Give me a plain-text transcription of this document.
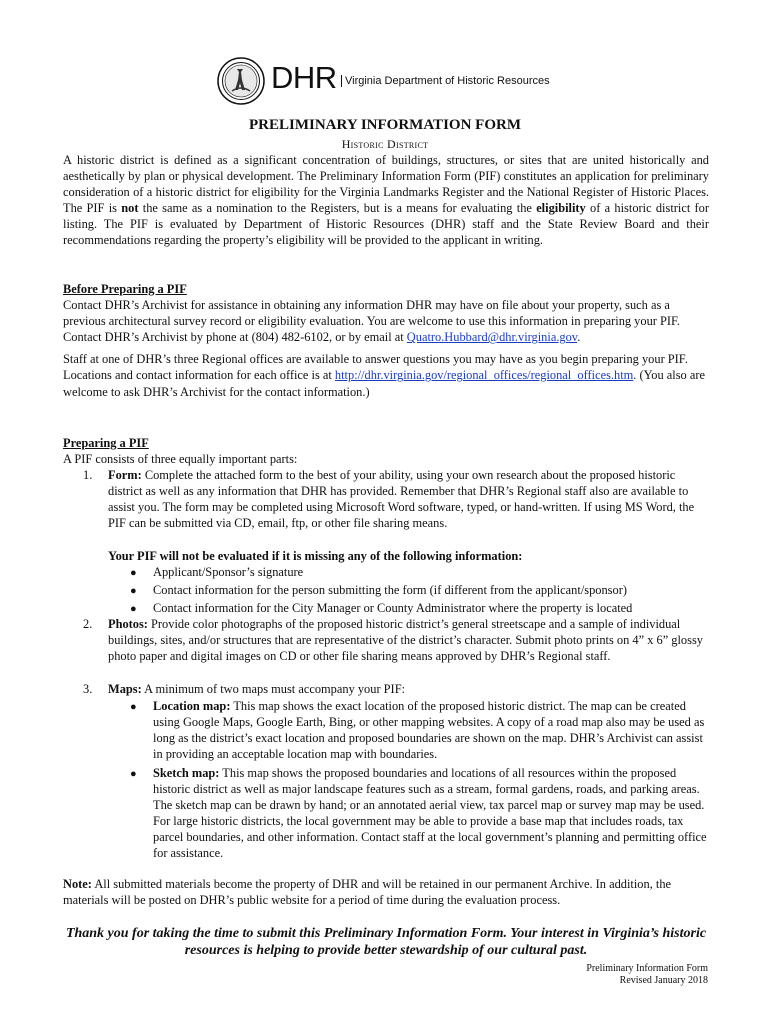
DHR Virginia Department of Historic Resources
PRELIMINARY INFORMATION FORM
Historic District

A historic district is defined as a significant concentration of buildings, structures, or sites that are united historically and aesthetically by plan or physical development. The Preliminary Information Form (PIF) constitutes an application for preliminary consideration of a historic district for eligibility for the Virginia Landmarks Register and the National Register of Historic Places. The PIF is not the same as a nomination to the Registers, but is a means for evaluating the eligibility of a historic district for listing. The PIF is evaluated by Department of Historic Resources (DHR) staff and the State Review Board and their recommendations regarding the property’s eligibility will be provided to the applicant in writing.

Before Preparing a PIF

Contact DHR’s Archivist for assistance in obtaining any information DHR may have on file about your property, such as a previous architectural survey record or eligibility evaluation. You are welcome to use this information in preparing your PIF. Contact DHR’s Archivist by phone at (804) 482-6102, or by email at Quatro.Hubbard@dhr.virginia.gov.

Staff at one of DHR’s three Regional offices are available to answer questions you may have as you begin preparing your PIF. Locations and contact information for each office is at http://dhr.virginia.gov/regional_offices/regional_offices.htm. (You also are welcome to ask DHR’s Archivist for the contact information.)

Preparing a PIF

A PIF consists of three equally important parts:

1. Form: Complete the attached form to the best of your ability, using your own research about the proposed historic district as well as any information that DHR has provided. Remember that DHR’s Regional staff also are available to assist you. The form may be completed using Microsoft Word software, typed, or hand-written. If using MS Word, the PIF can be submitted via CD, email, ftp, or other file sharing means.
Your PIF will not be evaluated if it is missing any of the following information:
● Applicant/Sponsor’s signature
● Contact information for the person submitting the form (if different from the applicant/sponsor)
● Contact information for the City Manager or County Administrator where the property is located
2. Photos: Provide color photographs of the proposed historic district’s general streetscape and a sample of individual buildings, sites, and/or structures that are representative of the district’s character. Submit photo prints on 4” x 6” glossy photo paper and digital images on CD or other file sharing means approved by DHR’s Regional staff.
3. Maps: A minimum of two maps must accompany your PIF:
● Location map: This map shows the exact location of the proposed historic district. The map can be created using Google Maps, Google Earth, Bing, or other mapping websites. A copy of a road map also may be used as long as the district’s exact location and proposed boundaries are shown on the map. DHR’s Archivist can assist in providing an acceptable location map with boundaries.
● Sketch map: This map shows the proposed boundaries and locations of all resources within the proposed historic district as well as major landscape features such as a stream, formal gardens, roads, and parking areas. The sketch map can be drawn by hand; or an annotated aerial view, tax parcel map or survey map may be used. For large historic districts, the local government may be able to provide a base map that includes roads, tax parcel boundaries, and other information. Contact staff at the local government’s planning and permitting office for assistance.

Note: All submitted materials become the property of DHR and will be retained in our permanent Archive. In addition, the materials will be posted on DHR’s public website for a period of time during the evaluation process.

Thank you for taking the time to submit this Preliminary Information Form. Your interest in Virginia’s historic resources is helping to provide better stewardship of our cultural past.
Preliminary Information Form
Revised January 2018
